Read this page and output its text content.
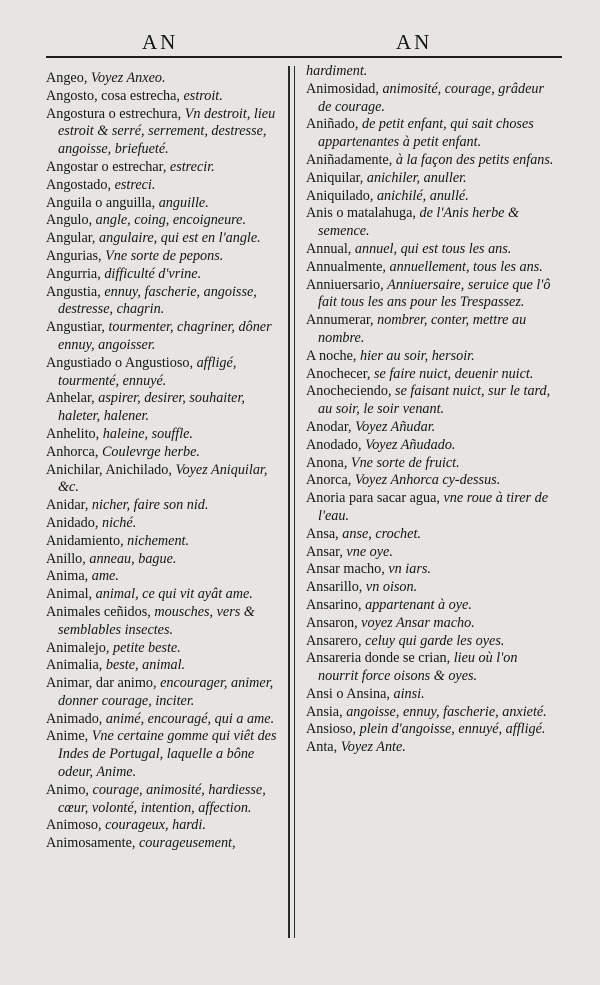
AN	AN

Angeo, Voyez Anxeo.

Angosto, cosa estrecha, estroit.

Angostura o estrechura, Vn destroit, lieu estroit & serré, serrement, destresse, angoisse, briefueté.

Angostar o estrechar, estrecir.

Angostado, estreci.

Anguila o anguilla, anguille.

Angulo, angle, coing, encoigneure.

Angular, angulaire, qui est en l'angle.

Angurias, Vne sorte de pepons.

Angurria, difficulté d'vrine.

Angustia, ennuy, fascherie, angoisse, destresse, chagrin.

Angustiar, tourmenter, chagriner, dôner ennuy, angoisser.

Angustiado o Angustioso, affligé, tourmenté, ennuyé.

Anhelar, aspirer, desirer, souhaiter, haleter, halener.

Anhelito, haleine, souffle.

Anhorca, Coulevrge herbe.

Anichilar, Anichilado, Voyez Aniquilar, &c.

Anidar, nicher, faire son nid.

Anidado, niché.

Anidamiento, nichement.

Anillo, anneau, bague.

Anima, ame.

Animal, animal, ce qui vit ayât ame.

Animales ceñidos, mousches, vers & semblables insectes.

Animalejo, petite beste.

Animalia, beste, animal.

Animar, dar animo, encourager, animer, donner courage, inciter.

Animado, animé, encouragé, qui a ame.

Anime, Vne certaine gomme qui viêt des Indes de Portugal, laquelle a bône odeur, Anime.

Animo, courage, animosité, hardiesse, cœur, volonté, intention, affection.

Animoso, courageux, hardi.

Animosamente, courageusement,

hardiment.

Animosidad, animosité, courage, grâdeur de courage.

Aniñado, de petit enfant, qui sait choses appartenantes à petit enfant.

Aniñadamente, à la façon des petits enfans.

Aniquilar, anichiler, anuller.

Aniquilado, anichilé, anullé.

Anis o matalahuga, de l'Anis herbe & semence.

Annual, annuel, qui est tous les ans.

Annualmente, annuellement, tous les ans.

Anniuersario, Anniuersaire, seruice que l'ô fait tous les ans pour les Trespassez.

Annumerar, nombrer, conter, mettre au nombre.

A noche, hier au soir, hersoir.

Anochecer, se faire nuict, deuenir nuict.

Anocheciendo, se faisant nuict, sur le tard, au soir, le soir venant.

Anodar, Voyez Añudar.

Anodado, Voyez Añudado.

Anona, Vne sorte de fruict.

Anorca, Voyez Anhorca cy-dessus.

Anoria para sacar agua, vne roue à tirer de l'eau.

Ansa, anse, crochet.

Ansar, vne oye.

Ansar macho, vn iars.

Ansarillo, vn oison.

Ansarino, appartenant à oye.

Ansaron, voyez Ansar macho.

Ansarero, celuy qui garde les oyes.

Ansareria donde se crian, lieu où l'on nourrit force oisons & oyes.

Ansi o Ansina, ainsi.

Ansia, angoisse, ennuy, fascherie, anxieté.

Ansioso, plein d'angoisse, ennuyé, affligé.

Anta, Voyez Ante.
